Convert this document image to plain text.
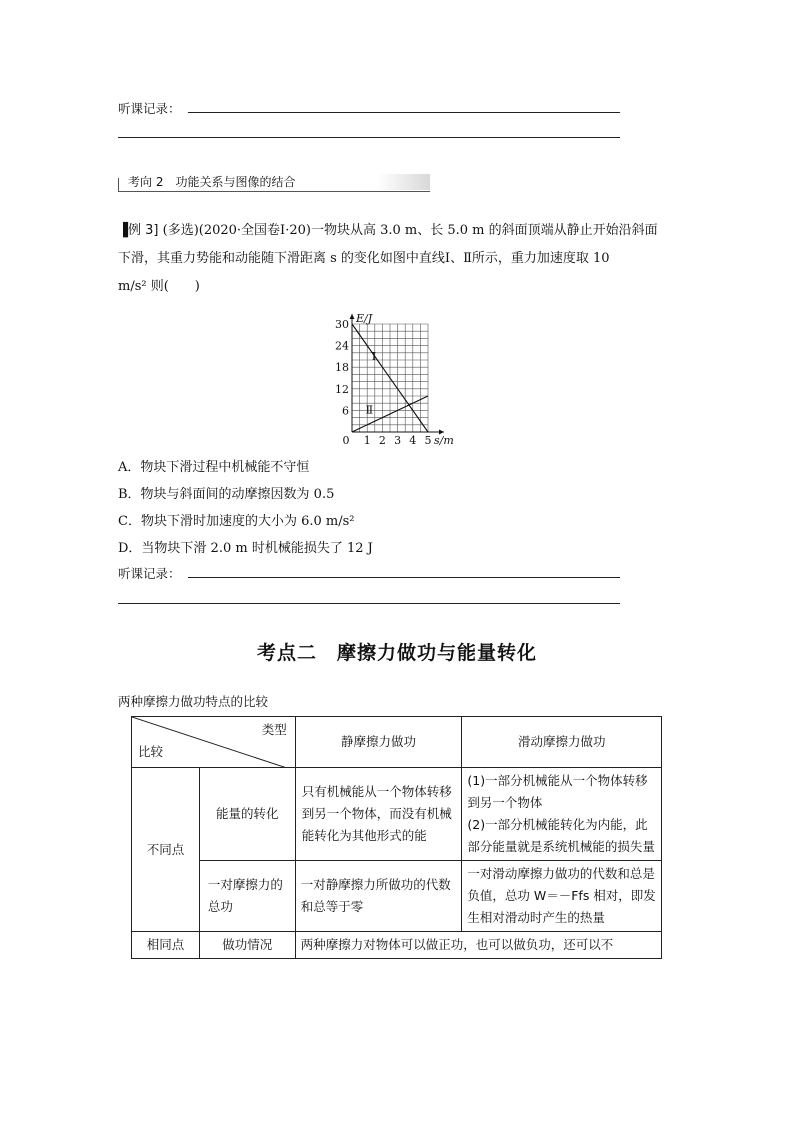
听课记录：
考向 2　功能关系与图像的结合
▐例 3] (多选)(2020·全国卷Ⅰ·20)一物块从高 3.0 m、长 5.0 m 的斜面顶端从静止开始沿斜面
下滑，其重力势能和动能随下滑距离 s 的变化如图中直线Ⅰ、Ⅱ所示，重力加速度取 10
m/s² 则(　　)
0 1 2 3 4 5
6
12
18
24
30 E/J
s/m
Ⅰ
Ⅱ
A．物块下滑过程中机械能不守恒
B．物块与斜面间的动摩擦因数为 0.5
C．物块下滑时加速度的大小为 6.0 m/s²
D．当物块下滑 2.0 m 时机械能损失了 12 J
听课记录：
考点二　摩擦力做功与能量转化
两种摩擦力做功特点的比较
类型
比较		静摩擦力做功	滑动摩擦力做功
不同点	能量的转化	只有机械能从一个物体转移到另一个物体，而没有机械能转化为其他形式的能	(1)一部分机械能从一个物体转移到另一个物体
(2)一部分机械能转化为内能，此部分能量就是系统机械能的损失量

	一对摩擦力的总功	一对静摩擦力所做功的代数和总等于零	一对滑动摩擦力做功的代数和总是负值，总功 W＝－Ffs 相对，即发生相对滑动时产生的热量
相同点	做功情况	两种摩擦力对物体可以做正功，也可以做负功，还可以不	
